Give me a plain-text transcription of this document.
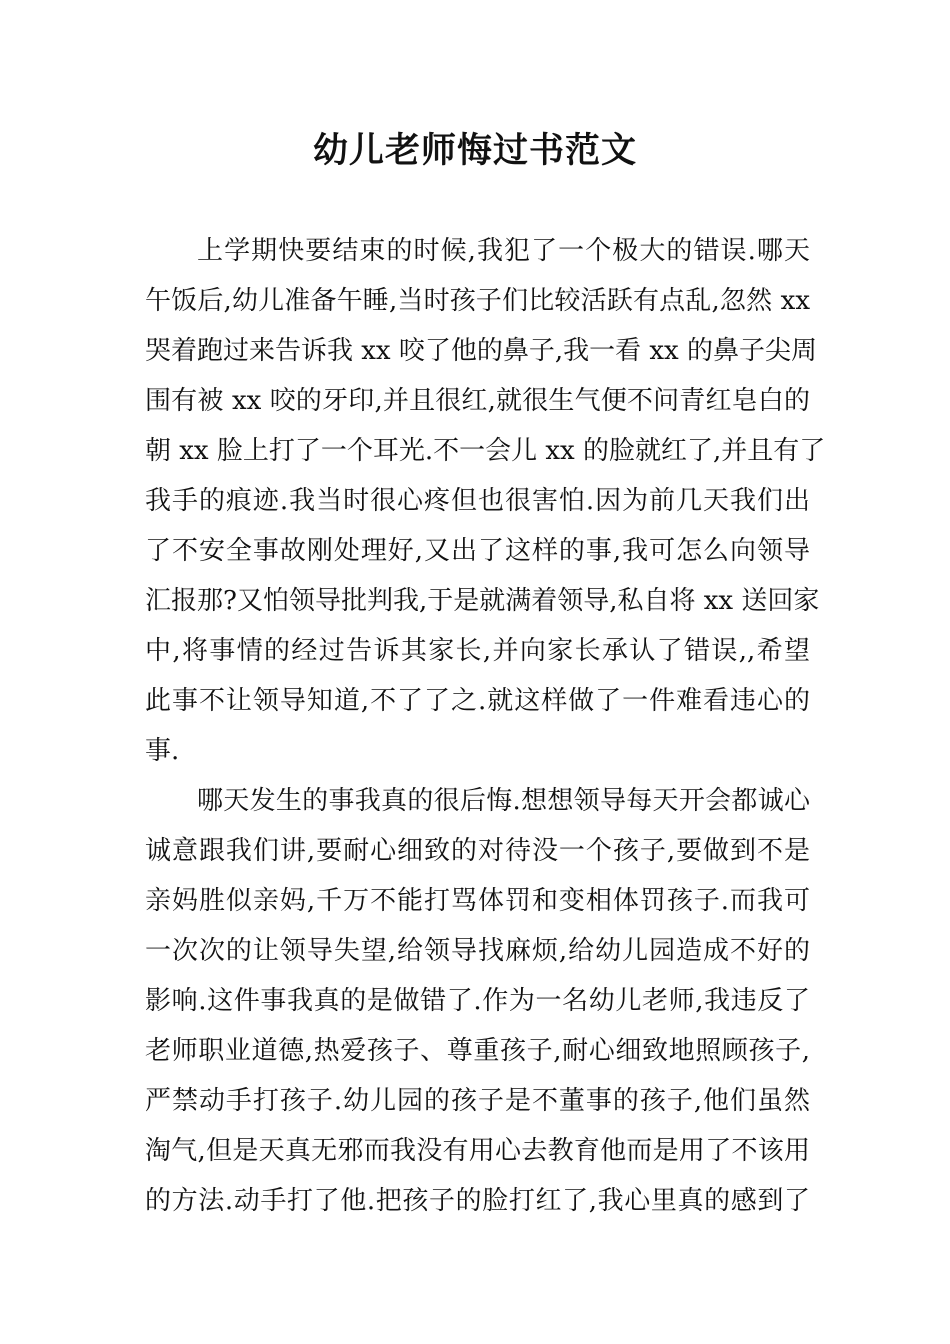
幼儿老师悔过书范文
上学期快要结束的时候,我犯了一个极大的错误.哪天
午饭后,幼儿准备午睡,当时孩子们比较活跃有点乱,忽然 xx
哭着跑过来告诉我 xx 咬了他的鼻子,我一看 xx 的鼻子尖周
围有被 xx 咬的牙印,并且很红,就很生气便不问青红皂白的
朝 xx 脸上打了一个耳光.不一会儿 xx 的脸就红了,并且有了
我手的痕迹.我当时很心疼但也很害怕.因为前几天我们出
了不安全事故刚处理好,又出了这样的事,我可怎么向领导
汇报那?又怕领导批判我,于是就满着领导,私自将 xx 送回家
中,将事情的经过告诉其家长,并向家长承认了错误,,希望
此事不让领导知道,不了了之.就这样做了一件难看违心的
事.
哪天发生的事我真的很后悔.想想领导每天开会都诚心
诚意跟我们讲,要耐心细致的对待没一个孩子,要做到不是
亲妈胜似亲妈,千万不能打骂体罚和变相体罚孩子.而我可
一次次的让领导失望,给领导找麻烦,给幼儿园造成不好的
影响.这件事我真的是做错了.作为一名幼儿老师,我违反了
老师职业道德,热爱孩子、尊重孩子,耐心细致地照顾孩子,
严禁动手打孩子.幼儿园的孩子是不董事的孩子,他们虽然
淘气,但是天真无邪而我没有用心去教育他而是用了不该用
的方法.动手打了他.把孩子的脸打红了,我心里真的感到了
